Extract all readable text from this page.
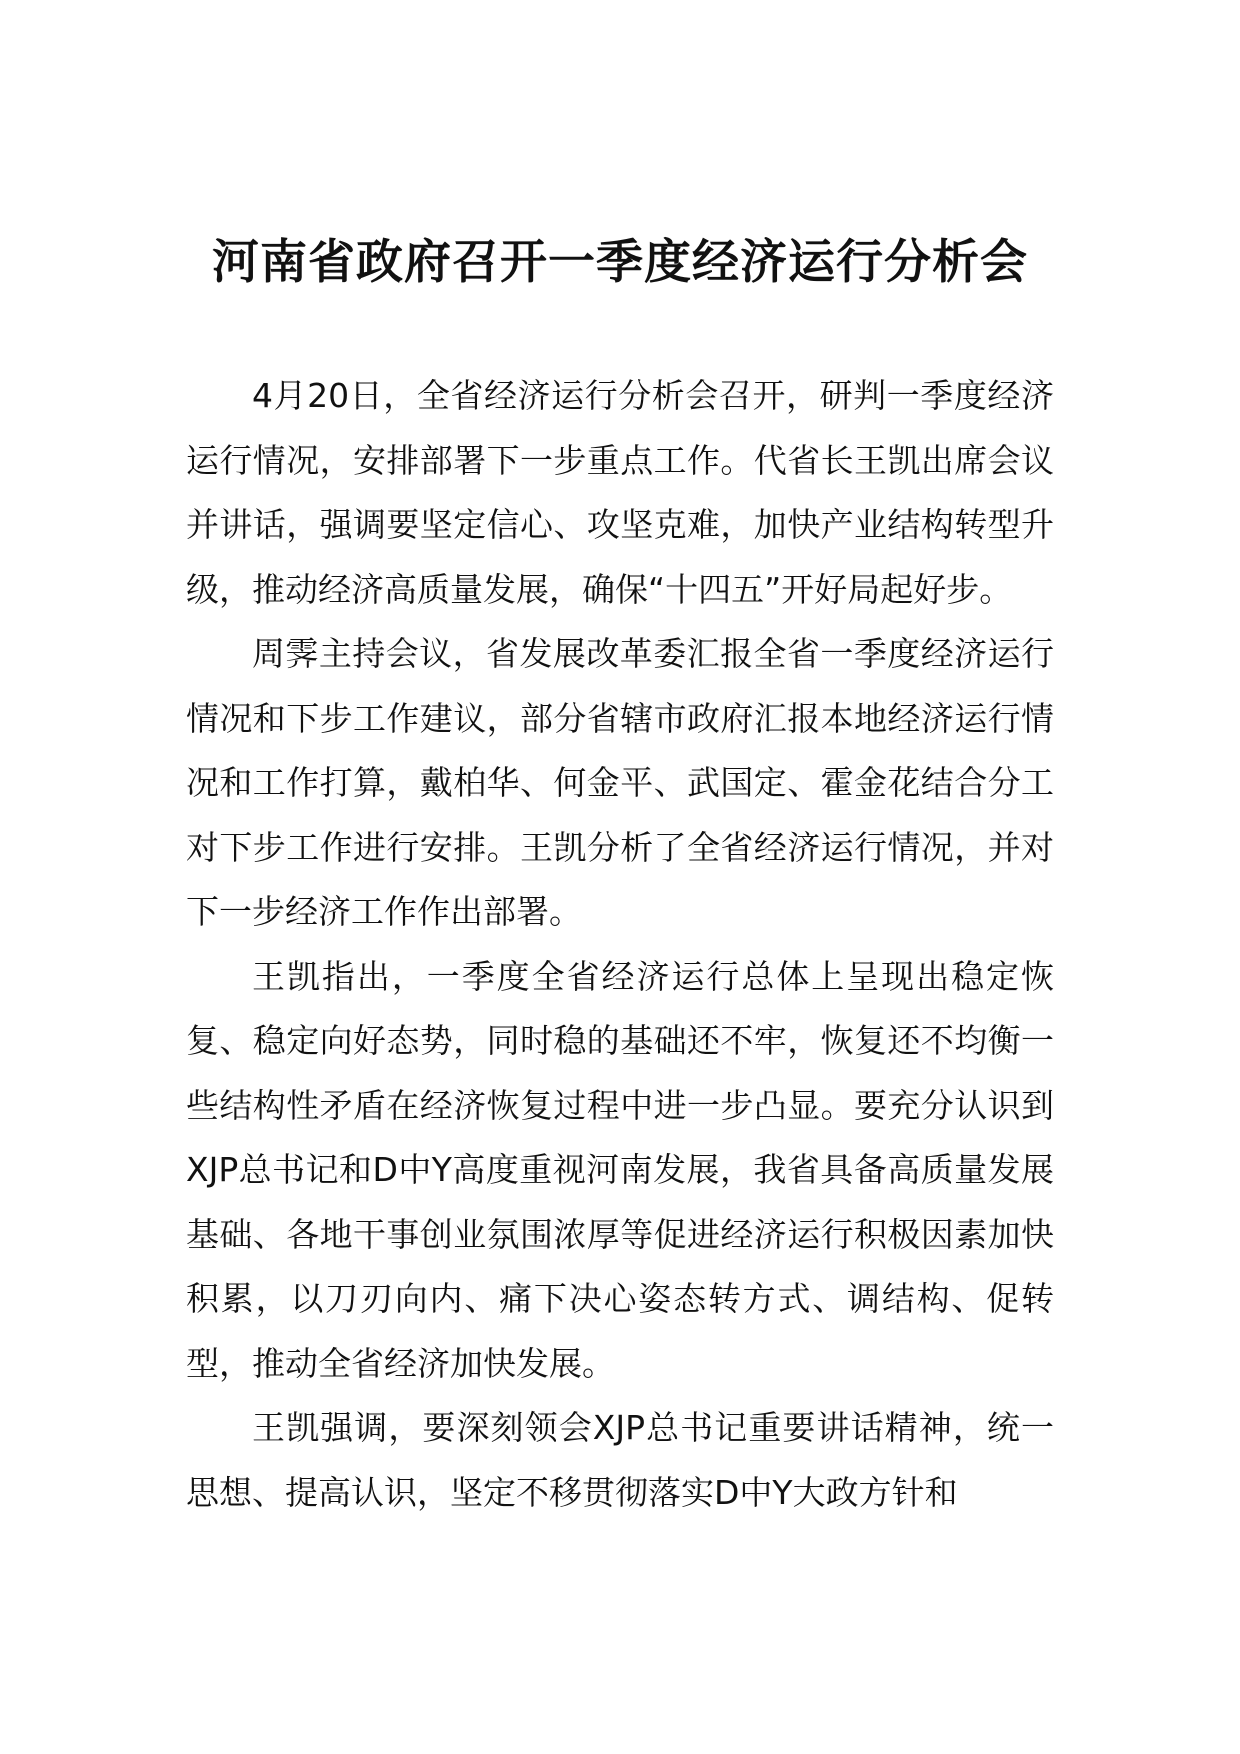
河南省政府召开一季度经济运行分析会

4月20日，全省经济运行分析会召开，研判一季度经济运行情况，安排部署下一步重点工作。代省长王凯出席会议并讲话，强调要坚定信心、攻坚克难，加快产业结构转型升级，推动经济高质量发展，确保“十四五”开好局起好步。

周霁主持会议，省发展改革委汇报全省一季度经济运行情况和下步工作建议，部分省辖市政府汇报本地经济运行情况和工作打算，戴柏华、何金平、武国定、霍金花结合分工对下步工作进行安排。王凯分析了全省经济运行情况，并对下一步经济工作作出部署。

王凯指出，一季度全省经济运行总体上呈现出稳定恢复、稳定向好态势，同时稳的基础还不牢，恢复还不均衡一些结构性矛盾在经济恢复过程中进一步凸显。要充分认识到XJP总书记和D中Y高度重视河南发展，我省具备高质量发展基础、各地干事创业氛围浓厚等促进经济运行积极因素加快积累，以刀刃向内、痛下决心姿态转方式、调结构、促转型，推动全省经济加快发展。

王凯强调，要深刻领会XJP总书记重要讲话精神，统一思想、提高认识，坚定不移贯彻落实D中Y大政方针和
